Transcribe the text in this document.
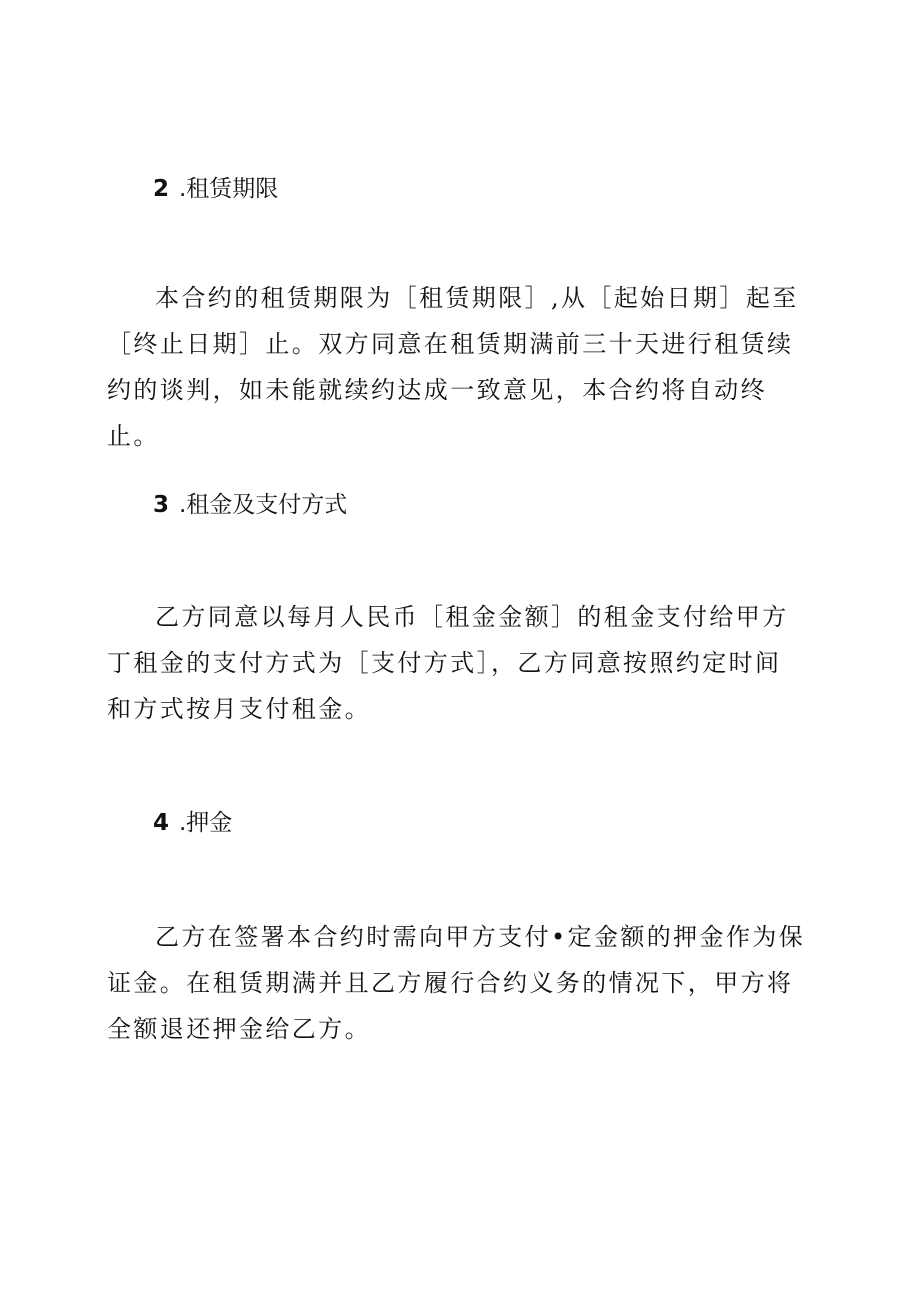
2 .租赁期限

本合约的租赁期限为［租赁期限］,从［起始日期］起至［终止日期］止。双方同意在租赁期满前三十天进行租赁续约的谈判，如未能就续约达成一致意见，本合约将自动终止。

3 .租金及支付方式

乙方同意以每月人民币［租金金额］的租金支付给甲方丁租金的支付方式为［支付方式］，乙方同意按照约定时间和方式按月支付租金。

4 .押金

乙方在签署本合约时需向甲方支付•定金额的押金作为保证金。在租赁期满并且乙方履行合约义务的情况下，甲方将全额退还押金给乙方。
